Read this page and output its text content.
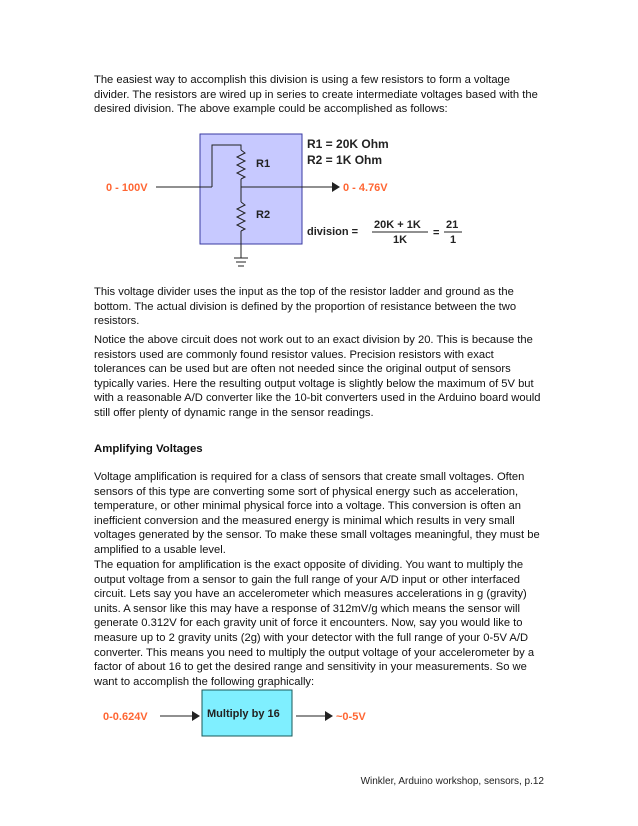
The easiest way to accomplish this division is using a few resistors to form a voltage divider. The resistors are wired up in series to create intermediate voltages based with the desired division. The above example could be accomplished as follows:

0 - 100V	0 - 4.76V
R1
R2
R1 = 20K Ohm
R2 = 1K Ohm
division =
20K + 1K
1K
=
21
1
0-0.624V	Multiply by 16	~0-5V

This voltage divider uses the input as the top of the resistor ladder and ground as the bottom. The actual division is defined by the proportion of resistance between the two resistors.

Notice the above circuit does not work out to an exact division by 20. This is because the resistors used are commonly found resistor values. Precision resistors with exact tolerances can be used but are often not needed since the original output of sensors typically varies. Here the resulting output voltage is slightly below the maximum of 5V but with a reasonable A/D converter like the 10-bit converters used in the Arduino board would still offer plenty of dynamic range in the sensor readings.

Amplifying Voltages

Voltage amplification is required for a class of sensors that create small voltages. Often sensors of this type are converting some sort of physical energy such as acceleration, temperature, or other minimal physical force into a voltage. This conversion is often an inefficient conversion and the measured energy is minimal which results in very small voltages generated by the sensor. To make these small voltages meaningful, they must be amplified to a usable level.

The equation for amplification is the exact opposite of dividing. You want to multiply the output voltage from a sensor to gain the full range of your A/D input or other interfaced circuit. Lets say you have an accelerometer which measures accelerations in g (gravity) units. A sensor like this may have a response of 312mV/g which means the sensor will generate 0.312V for each gravity unit of force it encounters. Now, say you would like to measure up to 2 gravity units (2g) with your detector with the full range of your 0-5V A/D converter. This means you need to multiply the output voltage of your accelerometer by a factor of about 16 to get the desired range and sensitivity in your measurements. So we want to accomplish the following graphically:

Winkler, Arduino workshop, sensors, p.12
